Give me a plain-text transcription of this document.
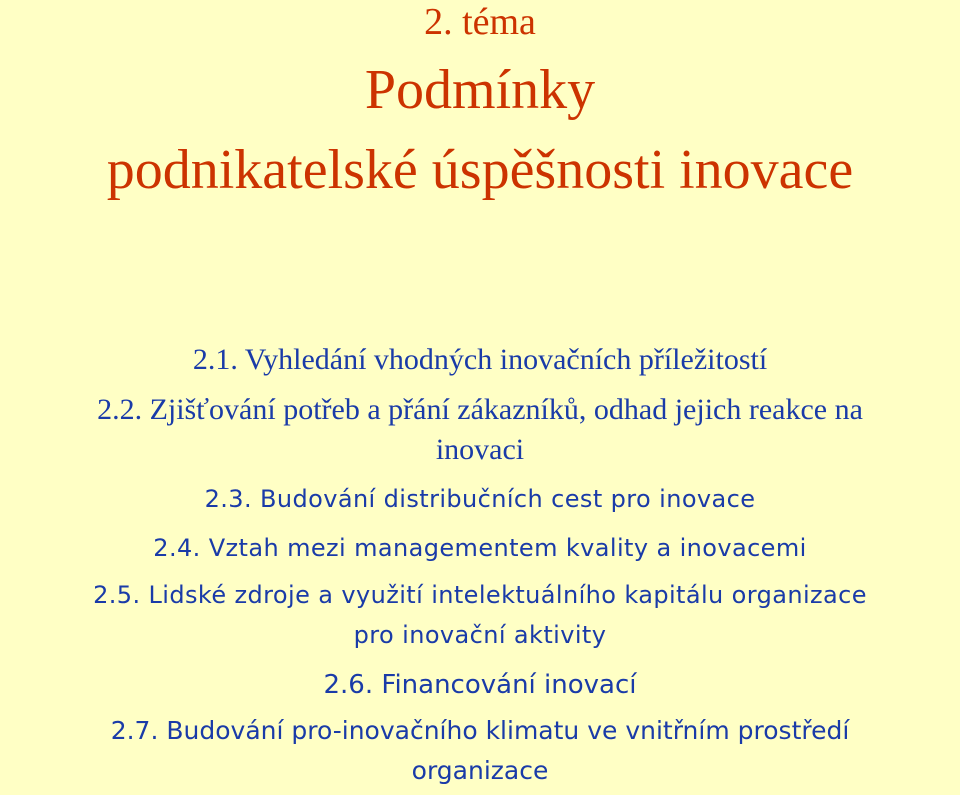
2. téma

Podmínky

podnikatelské úspěšnosti inovace

2.1. Vyhledání vhodných inovačních příležitostí

2.2. Zjišťování potřeb a přání zákazníků, odhad jejich reakce na

inovaci

2.3. Budování distribučních cest pro inovace

2.4. Vztah mezi managementem kvality a inovacemi

2.5. Lidské zdroje a využití intelektuálního kapitálu organizace

pro inovační aktivity

2.6. Financování inovací

2.7. Budování pro-inovačního klimatu ve vnitřním prostředí

organizace
